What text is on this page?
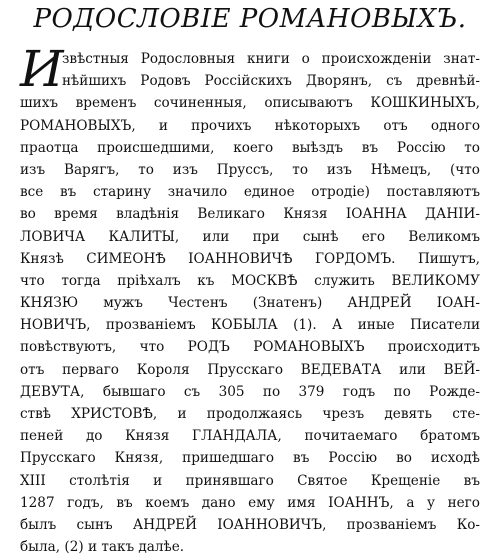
РОДОСЛОВІЕ РОМАНОВЫХЪ.
И
звѣстныя Родословныя книги о происхожденіи знат-
нѣйшихъ Родовъ Россійскихъ Дворянъ, съ древнѣй-
шихъ временъ сочиненныя, описываютъ КОШКИНЫХЪ,
РОМАНОВЫХЪ, и прочихъ нѣкоторыхъ отъ одного
праотца происшедшими, коего выѣздъ въ Россію то
изъ Варягъ, то изъ Пруссъ, то изъ Нѣмецъ, (что
все въ старину значило единое отродіе) поставляютъ
во время владѣнія Великаго Князя ІОАННА ДАНІИ-
ЛОВИЧА КАЛИТЫ, или при сынѣ его Великомъ
Князѣ СИМЕОНѢ ІОАННОВИЧѢ ГОРДОМЪ. Пишутъ,
что тогда пріѣхалъ къ МОСКВѢ служить ВЕЛИКОМУ
КНЯЗЮ мужъ Честенъ (Знатенъ) АНДРЕЙ ІОАН-
НОВИЧЪ, прозваніемъ КОБЫЛА (1). А иные Писатели
повѣствуютъ, что РОДЪ РОМАНОВЫХЪ происходитъ
отъ перваго Короля Прусскаго ВЕДЕВАТА или ВЕЙ-
ДЕВУТА, бывшаго съ 305 по 379 годъ по Рожде-
ствѣ ХРИСТОВѢ, и продолжаясь чрезъ девять сте-
пеней до Князя ГЛАНДАЛА, почитаемаго братомъ
Прусскаго Князя, пришедшаго въ Россію во исходѣ
XIII столѣтія и принявшаго Святое Крещеніе въ
1287 годъ, въ коемъ дано ему имя ІОАННЪ, а у него
былъ сынъ АНДРЕЙ ІОАННОВИЧЪ, прозваніемъ Ко-
была, (2) и такъ далѣе.
